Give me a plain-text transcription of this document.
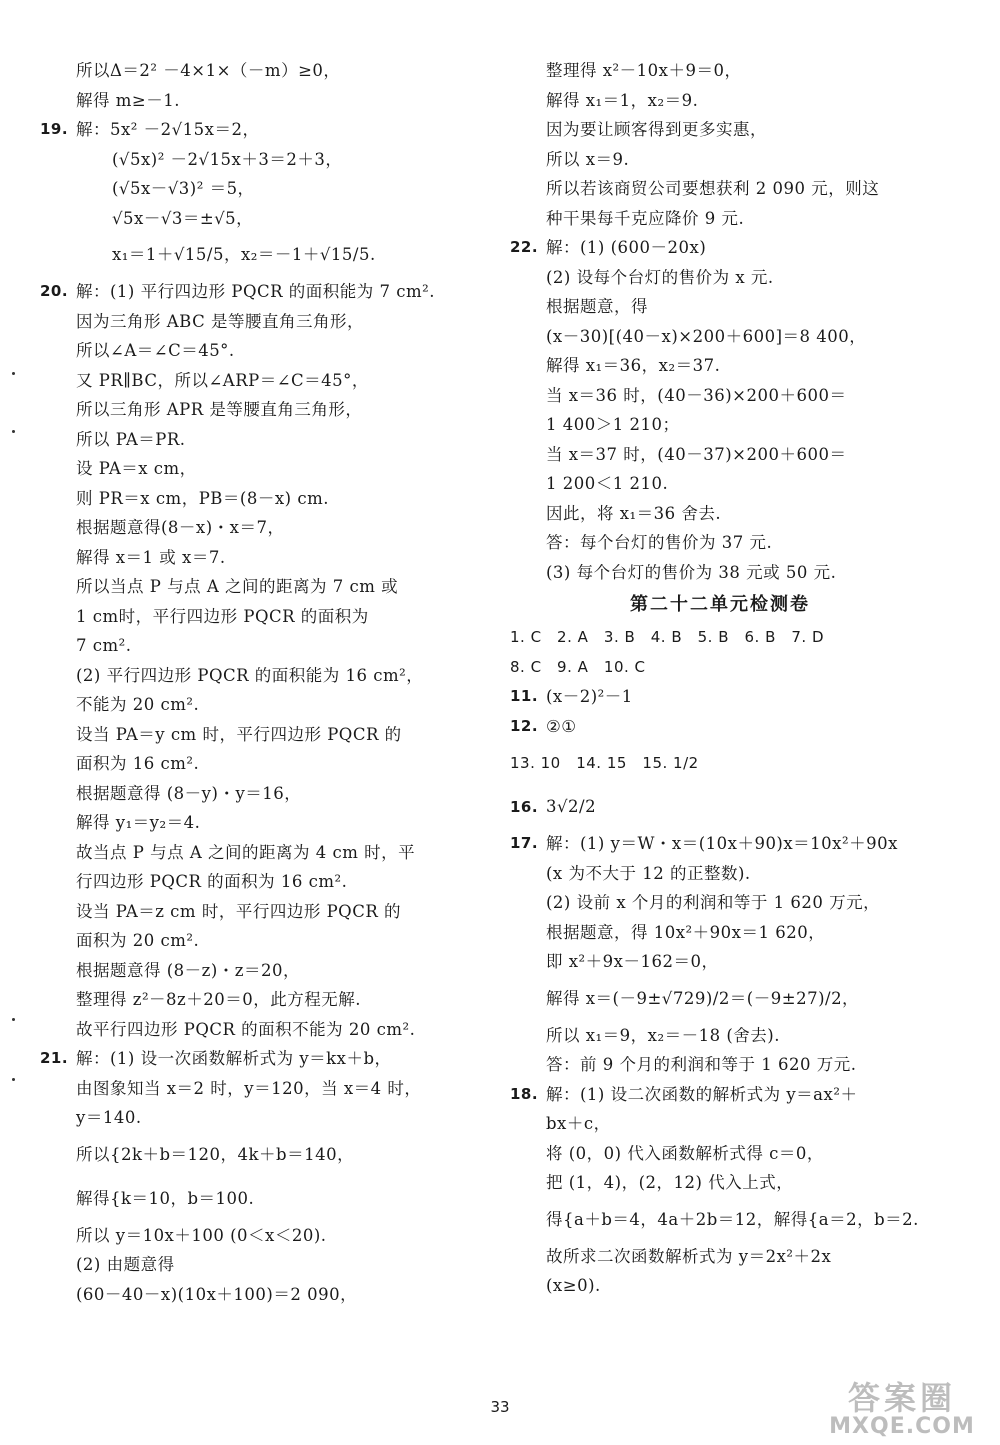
所以Δ＝2² －4×1×（－m）≥0，
解得 m≥－1.
19. 解：5x² －2√15x＝2，
(√5x)² －2√15x＋3＝2＋3，
(√5x－√3)² ＝5，
√5x－√3＝±√5，
x₁＝1＋√15/5，x₂＝－1＋√15/5.
20. 解：(1) 平行四边形 PQCR 的面积能为 7 cm².
因为三角形 ABC 是等腰直角三角形，
所以∠A＝∠C＝45°.
又 PR∥BC，所以∠ARP＝∠C＝45°，
所以三角形 APR 是等腰直角三角形，
所以 PA＝PR.
设 PA＝x cm，
则 PR＝x cm，PB＝(8－x) cm.
根据题意得(8－x)・x＝7，
解得 x＝1 或 x＝7.
所以当点 P 与点 A 之间的距离为 7 cm 或
1 cm时，平行四边形 PQCR 的面积为
7 cm².
(2) 平行四边形 PQCR 的面积能为 16 cm²，
不能为 20 cm².
设当 PA＝y cm 时，平行四边形 PQCR 的
面积为 16 cm².
根据题意得 (8－y)・y＝16，
解得 y₁＝y₂＝4.
故当点 P 与点 A 之间的距离为 4 cm 时，平
行四边形 PQCR 的面积为 16 cm².
设当 PA＝z cm 时，平行四边形 PQCR 的
面积为 20 cm².
根据题意得 (8－z)・z＝20，
整理得 z²－8z＋20＝0，此方程无解.
故平行四边形 PQCR 的面积不能为 20 cm².
21. 解：(1) 设一次函数解析式为 y＝kx＋b，
由图象知当 x＝2 时，y＝120，当 x＝4 时，
y＝140.
所以{2k＋b＝120，4k＋b＝140，
解得{k＝10，b＝100.
所以 y＝10x＋100 (0＜x＜20).
(2) 由题意得
(60－40－x)(10x＋100)＝2 090，
整理得 x²－10x＋9＝0，
解得 x₁＝1，x₂＝9.
因为要让顾客得到更多实惠，
所以 x＝9.
所以若该商贸公司要想获利 2 090 元，则这
种干果每千克应降价 9 元.
22. 解：(1) (600－20x)
(2) 设每个台灯的售价为 x 元.
根据题意，得
(x－30)[(40－x)×200＋600]＝8 400，
解得 x₁＝36，x₂＝37.
当 x＝36 时，(40－36)×200＋600＝
1 400＞1 210；
当 x＝37 时，(40－37)×200＋600＝
1 200＜1 210.
因此，将 x₁＝36 舍去.
答：每个台灯的售价为 37 元.
(3) 每个台灯的售价为 38 元或 50 元.
第二十二单元检测卷
1. C　2. A　3. B　4. B　5. B　6. B　7. D
8. C　9. A　10. C
11. (x－2)²－1
12. ②①
13. 10　14. 15　15. 1/2
16. 3√2/2
17. 解：(1) y＝W・x＝(10x＋90)x＝10x²＋90x
(x 为不大于 12 的正整数).
(2) 设前 x 个月的利润和等于 1 620 万元，
根据题意，得 10x²＋90x＝1 620，
即 x²＋9x－162＝0，
解得 x＝(－9±√729)/2＝(－9±27)/2，
所以 x₁＝9，x₂＝－18 (舍去).
答：前 9 个月的利润和等于 1 620 万元.
18. 解：(1) 设二次函数的解析式为 y＝ax²＋
bx＋c，
将 (0，0) 代入函数解析式得 c＝0，
把 (1，4)，(2，12) 代入上式，
得{a＋b＝4，4a＋2b＝12，解得{a＝2，b＝2.
故所求二次函数解析式为 y＝2x²＋2x
(x≥0).
33	答案圈
MXQE.COM
